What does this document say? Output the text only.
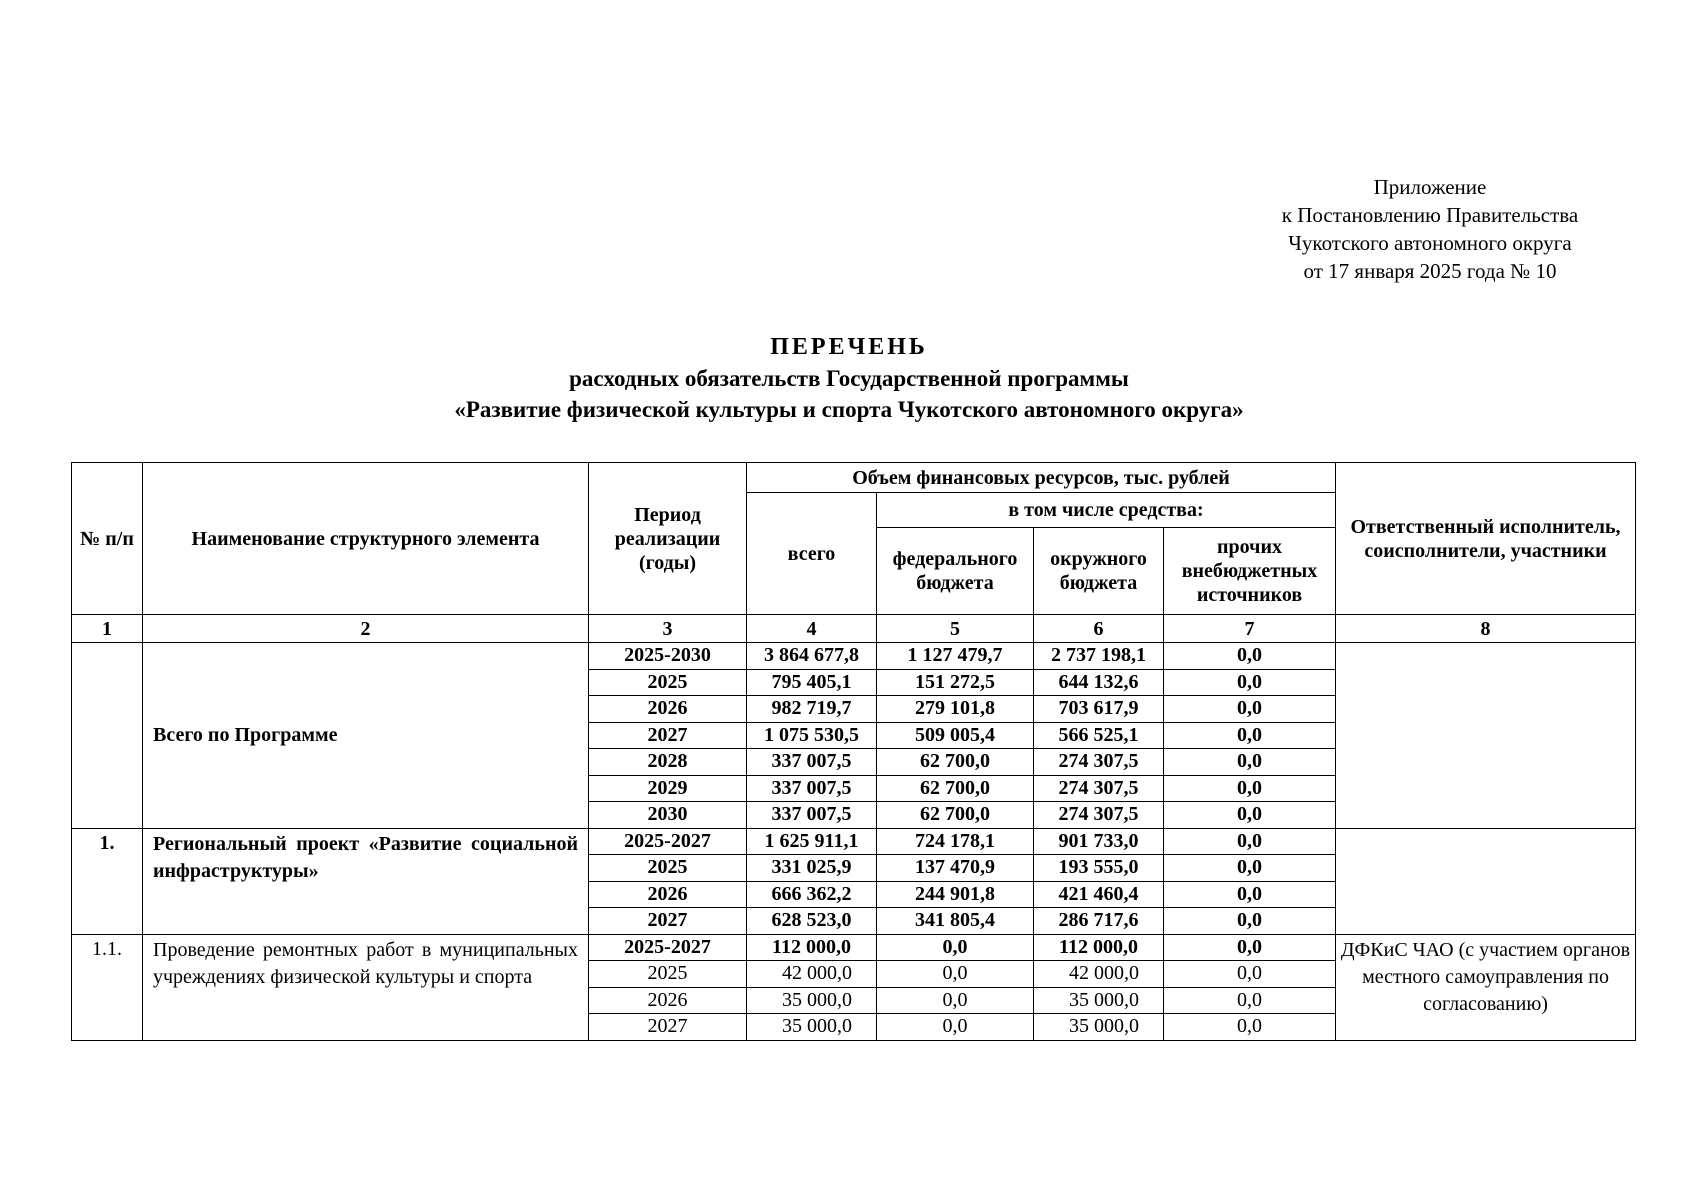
Приложение
к Постановлению Правительства
Чукотского автономного округа
от 17 января 2025 года № 10
ПЕРЕЧЕНЬ
расходных обязательств Государственной программы
«Развитие физической культуры и спорта Чукотского автономного округа»
№ п/п	Наименование структурного элемента	Период реализации (годы)	Объем финансовых ресурсов, тыс. рублей				Ответственный исполнитель, соисполнители, участники
			всего	в том числе средства:			
				федерального бюджета	окружного бюджета	прочих внебюджетных источников	
1	2	3	4	5	6	7	8
	Всего по Программе	2025-2030	3 864 677,8	1 127 479,7	2 737 198,1	0,0	
		2025	795 405,1	151 272,5	644 132,6	0,0	
		2026	982 719,7	279 101,8	703 617,9	0,0	
		2027	1 075 530,5	509 005,4	566 525,1	0,0	
		2028	337 007,5	62 700,0	274 307,5	0,0	
		2029	337 007,5	62 700,0	274 307,5	0,0	
		2030	337 007,5	62 700,0	274 307,5	0,0	
1.	Региональный проект «Развитие социальной инфраструктуры»	2025-2027	1 625 911,1	724 178,1	901 733,0	0,0	
		2025	331 025,9	137 470,9	193 555,0	0,0	
		2026	666 362,2	244 901,8	421 460,4	0,0	
		2027	628 523,0	341 805,4	286 717,6	0,0	
1.1.	Проведение ремонтных работ в муниципальных учреждениях физической культуры и спорта	2025-2027	112 000,0	0,0	112 000,0	0,0	ДФКиС ЧАО (с участием органов местного самоуправления по согласованию)
		2025	42 000,0	0,0	42 000,0	0,0	
		2026	35 000,0	0,0	35 000,0	0,0	
		2027	35 000,0	0,0	35 000,0	0,0	
